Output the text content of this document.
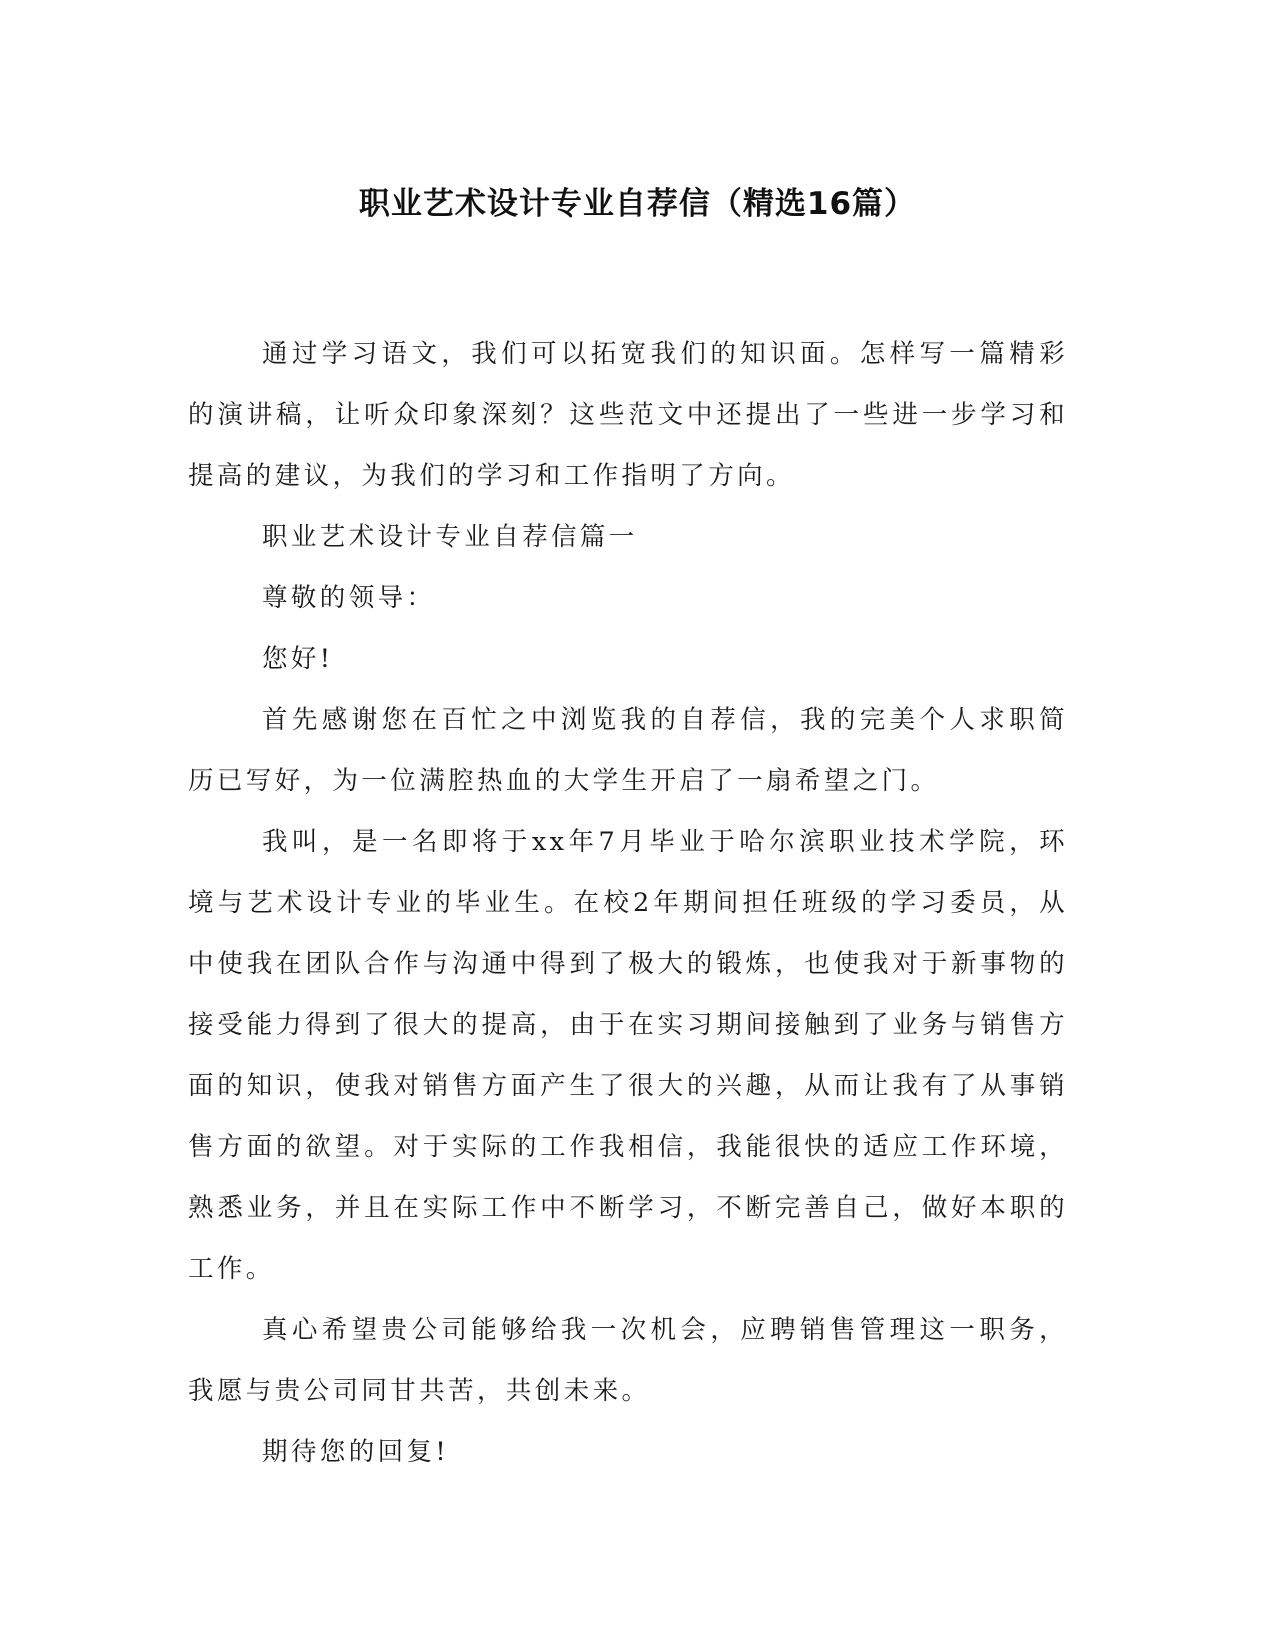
职业艺术设计专业自荐信（精选16篇）

通过学习语文，我们可以拓宽我们的知识面。怎样写一篇精彩的演讲稿，让听众印象深刻？这些范文中还提出了一些进一步学习和提高的建议，为我们的学习和工作指明了方向。

职业艺术设计专业自荐信篇一

尊敬的领导：

您好!

首先感谢您在百忙之中浏览我的自荐信，我的完美个人求职简历已写好，为一位满腔热血的大学生开启了一扇希望之门。

我叫，是一名即将于xx年7月毕业于哈尔滨职业技术学院，环境与艺术设计专业的毕业生。在校2年期间担任班级的学习委员，从中使我在团队合作与沟通中得到了极大的锻炼，也使我对于新事物的接受能力得到了很大的提高，由于在实习期间接触到了业务与销售方面的知识，使我对销售方面产生了很大的兴趣，从而让我有了从事销售方面的欲望。对于实际的工作我相信，我能很快的适应工作环境，熟悉业务，并且在实际工作中不断学习，不断完善自己，做好本职的工作。

真心希望贵公司能够给我一次机会，应聘销售管理这一职务，我愿与贵公司同甘共苦，共创未来。

期待您的回复!
